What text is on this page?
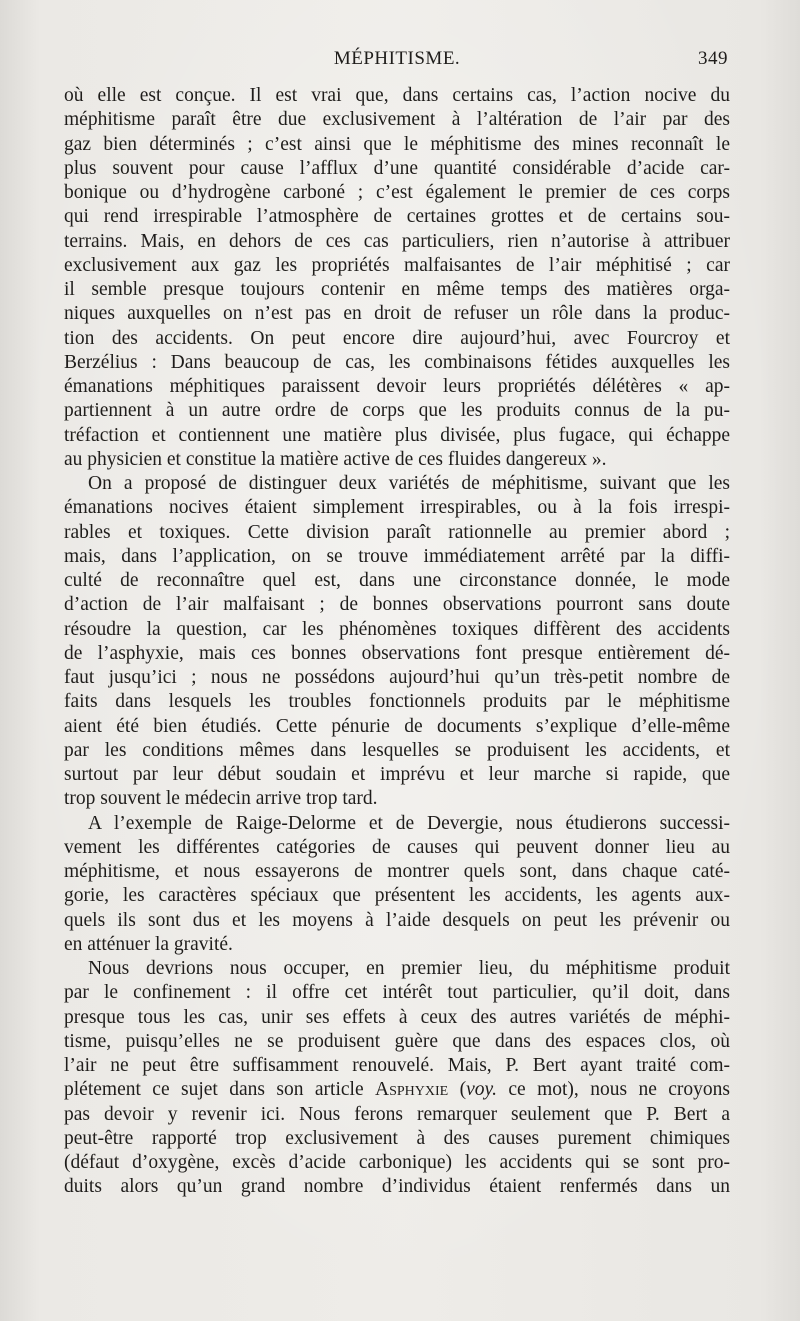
MÉPHITISME.	349
où elle est conçue. Il est vrai que, dans certains cas, l’action nocive du
méphitisme paraît être due exclusivement à l’altération de l’air par des
gaz bien déterminés ; c’est ainsi que le méphitisme des mines reconnaît le
plus souvent pour cause l’afflux d’une quantité considérable d’acide car-
bonique ou d’hydrogène carboné ; c’est également le premier de ces corps
qui rend irrespirable l’atmosphère de certaines grottes et de certains sou-
terrains. Mais, en dehors de ces cas particuliers, rien n’autorise à attribuer
exclusivement aux gaz les propriétés malfaisantes de l’air méphitisé ; car
il semble presque toujours contenir en même temps des matières orga-
niques auxquelles on n’est pas en droit de refuser un rôle dans la produc-
tion des accidents. On peut encore dire aujourd’hui, avec Fourcroy et
Berzélius : Dans beaucoup de cas, les combinaisons fétides auxquelles les
émanations méphitiques paraissent devoir leurs propriétés délétères « ap-
partiennent à un autre ordre de corps que les produits connus de la pu-
tréfaction et contiennent une matière plus divisée, plus fugace, qui échappe
au physicien et constitue la matière active de ces fluides dangereux ».
On a proposé de distinguer deux variétés de méphitisme, suivant que les
émanations nocives étaient simplement irrespirables, ou à la fois irrespi-
rables et toxiques. Cette division paraît rationnelle au premier abord ;
mais, dans l’application, on se trouve immédiatement arrêté par la diffi-
culté de reconnaître quel est, dans une circonstance donnée, le mode
d’action de l’air malfaisant ; de bonnes observations pourront sans doute
résoudre la question, car les phénomènes toxiques diffèrent des accidents
de l’asphyxie, mais ces bonnes observations font presque entièrement dé-
faut jusqu’ici ; nous ne possédons aujourd’hui qu’un très-petit nombre de
faits dans lesquels les troubles fonctionnels produits par le méphitisme
aient été bien étudiés. Cette pénurie de documents s’explique d’elle-même
par les conditions mêmes dans lesquelles se produisent les accidents, et
surtout par leur début soudain et imprévu et leur marche si rapide, que
trop souvent le médecin arrive trop tard.
A l’exemple de Raige-Delorme et de Devergie, nous étudierons successi-
vement les différentes catégories de causes qui peuvent donner lieu au
méphitisme, et nous essayerons de montrer quels sont, dans chaque caté-
gorie, les caractères spéciaux que présentent les accidents, les agents aux-
quels ils sont dus et les moyens à l’aide desquels on peut les prévenir ou
en atténuer la gravité.
Nous devrions nous occuper, en premier lieu, du méphitisme produit
par le confinement : il offre cet intérêt tout particulier, qu’il doit, dans
presque tous les cas, unir ses effets à ceux des autres variétés de méphi-
tisme, puisqu’elles ne se produisent guère que dans des espaces clos, où
l’air ne peut être suffisamment renouvelé. Mais, P. Bert ayant traité com-
plétement ce sujet dans son article Asphyxie (voy. ce mot), nous ne croyons
pas devoir y revenir ici. Nous ferons remarquer seulement que P. Bert a
peut-être rapporté trop exclusivement à des causes purement chimiques
(défaut d’oxygène, excès d’acide carbonique) les accidents qui se sont pro-
duits alors qu’un grand nombre d’individus étaient renfermés dans un
